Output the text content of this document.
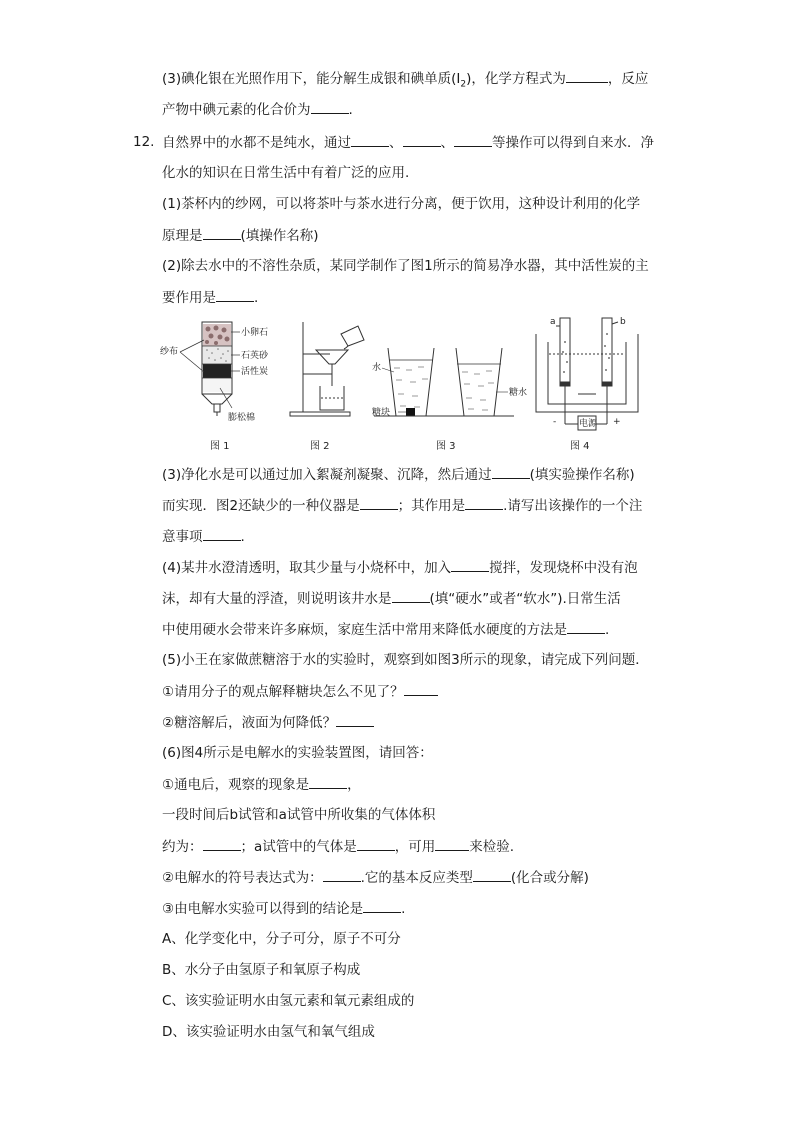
(3)碘化银在光照作用下，能分解生成银和碘单质$(I_2)$，化学方程式为	，反应
产物中碘元素的化合价为	.
12. 自然界中的水都不是纯水，通过	、	、	等操作可以得到自来水．净
化水的知识在日常生活中有着广泛的应用.
(1)茶杯内的纱网，可以将茶叶与茶水进行分离，便于饮用，这种设计利用的化学
原理是	(填操作名称)
(2)除去水中的不溶性杂质，某同学制作了图1所示的简易净水器，其中活性炭的主
要作用是	.
纱布
小卵石
石英砂
活性炭
膨松棉
图 1	图 2
水
糖块
糖水
图 3
a	b
电源
-	+
图 4
(3)净化水是可以通过加入絮凝剂凝聚、沉降，然后通过	(填实验操作名称)
而实现．图2还缺少的一种仪器是	；其作用是	.请写出该操作的一个注
意事项	.
(4)某井水澄清透明，取其少量与小烧杯中，加入	搅拌，发现烧杯中没有泡
沫，却有大量的浮渣，则说明该井水是	(填“硬水”或者“软水”).日常生活
中使用硬水会带来许多麻烦，家庭生活中常用来降低水硬度的方法是	.
(5)小王在家做蔗糖溶于水的实验时，观察到如图3所示的现象，请完成下列问题．
①请用分子的观点解释糖块怎么不见了？
②糖溶解后，液面为何降低？
(6)图4所示是电解水的实验装置图，请回答：
①通电后，观察的现象是	，
一段时间后b试管和a试管中所收集的气体体积
约为：	；a试管中的气体是	，可用	来检验.
②电解水的符号表达式为：	.它的基本反应类型	(化合或分解)
③由电解水实验可以得到的结论是	.
A、化学变化中，分子可分，原子不可分
B、水分子由氢原子和氧原子构成
C、该实验证明水由氢元素和氧元素组成的
D、该实验证明水由氢气和氧气组成
